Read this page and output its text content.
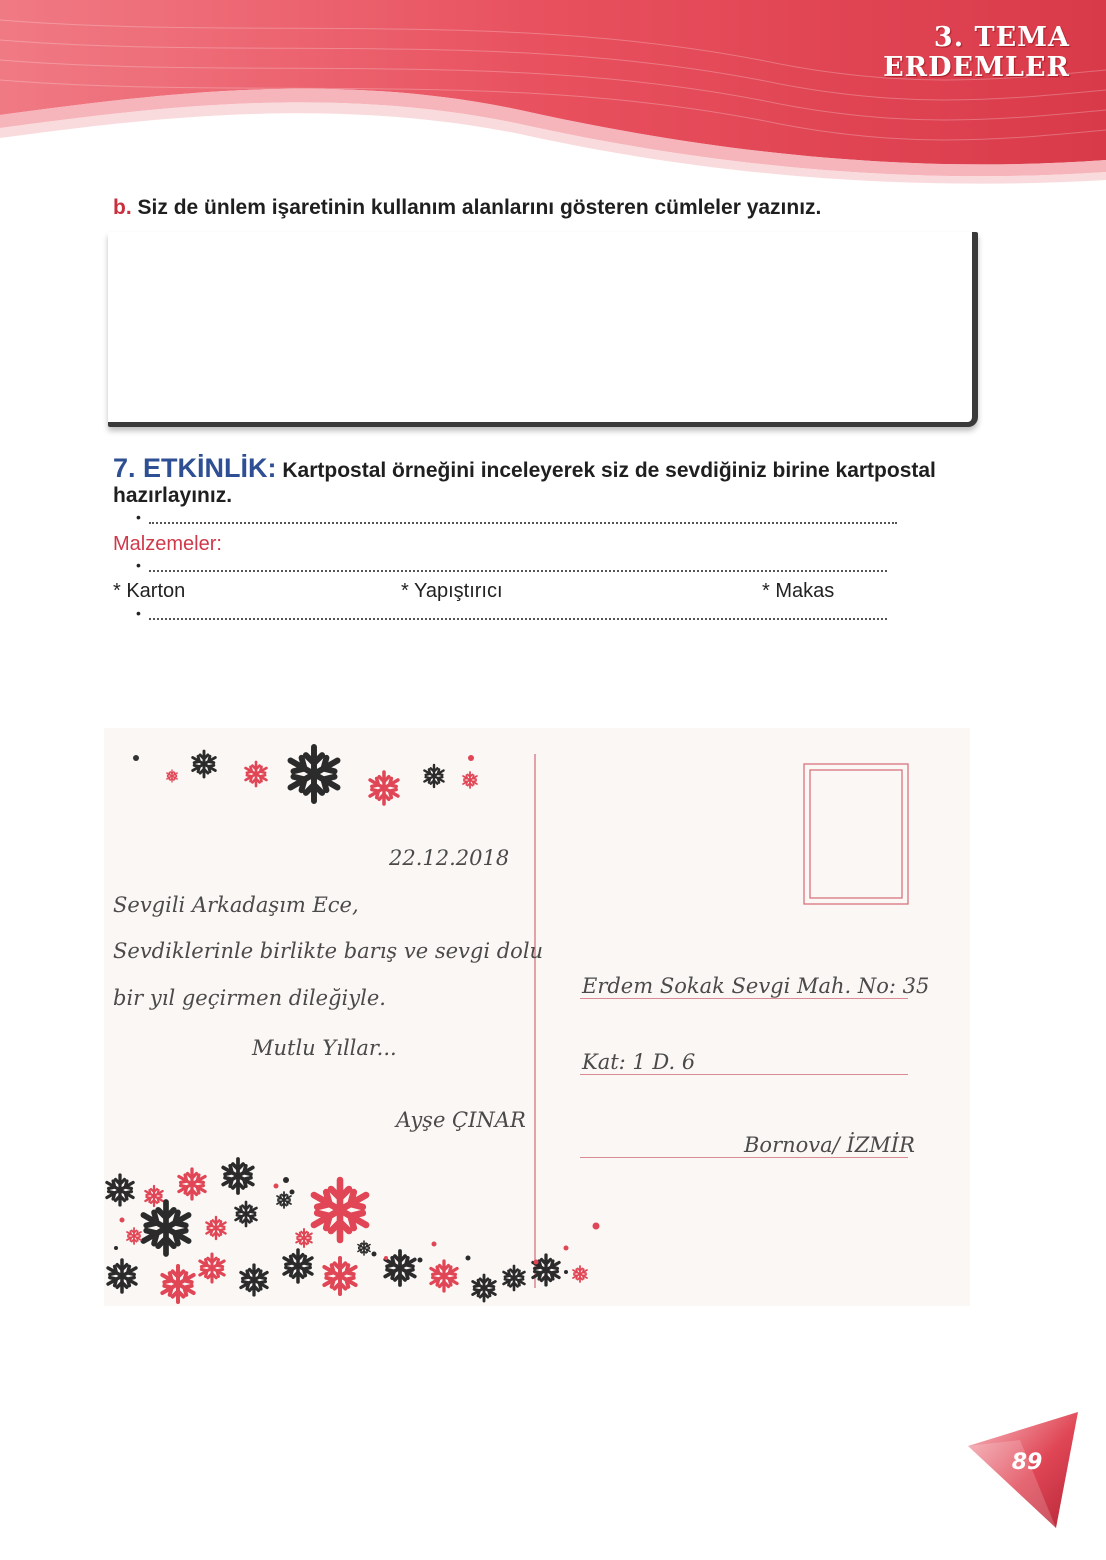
3. TEMA
ERDEMLER
b. Siz de ünlem işaretinin kullanım alanlarını gösteren cümleler yazınız.
•
•
•
7. ETKİNLİK: Kartpostal örneğini inceleyerek siz de sevdiğiniz birine kartpostal hazırlayınız.
Malzemeler:
* Karton	* Yapıştırıcı	* Makas
22.12.2018
Sevgili Arkadaşım Ece,
Sevdiklerinle birlikte barış ve sevgi dolu
bir yıl geçirmen dileğiyle.
Mutlu Yıllar...
Ayşe ÇINAR
Erdem Sokak Sevgi Mah. No: 35
Kat: 1 D. 6
Bornova/ İZMİR
89
